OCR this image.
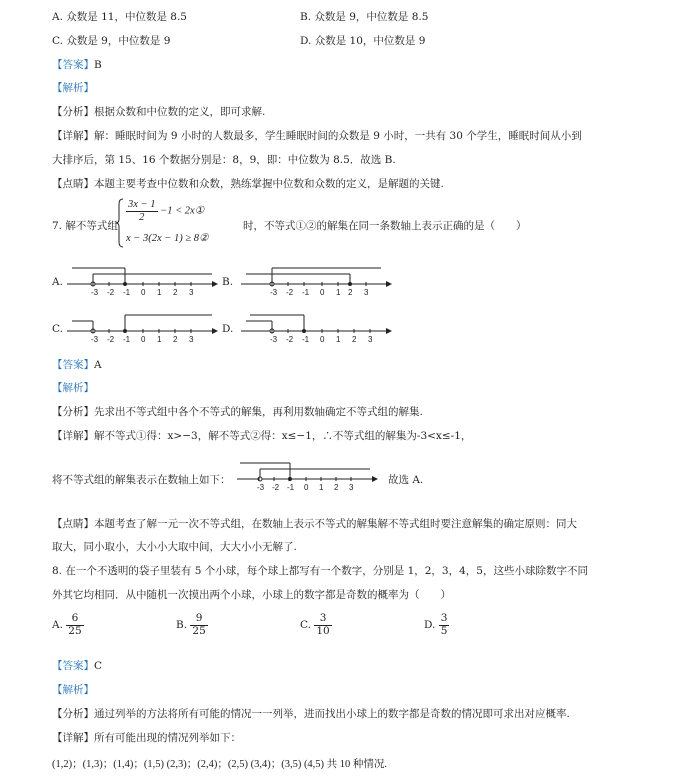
A. 众数是 11，中位数是 8.5	B. 众数是 9，中位数是 8.5
C. 众数是 9，中位数是 9	D. 众数是 10，中位数是 9
【答案】B
【解析】
【分析】根据众数和中位数的定义，即可求解.
【详解】解：睡眠时间为 9 小时的人数最多，学生睡眠时间的众数是 9 小时，一共有 30 个学生，睡眠时间从小到
大排序后，第 15、16 个数据分别是：8，9，即：中位数为 8.5．故选 B.
【点睛】本题主要考查中位数和众数，熟练掌握中位数和众数的定义，是解题的关键.
7. 解不等式组
$\frac{3x - 1}{2} -1$ < 2x①
x − 3(2x − 1) ≥ 8②
时，不等式①②的解集在同一条数轴上表示正确的是（　　）
A.	B.
C.	D.
-3 -2 -1 0 1 2 3	-3 -2 -1 0 1 2 3
-3 -2 -1 0 1 2 3	-3 -2 -1 0 1 2 3
【答案】A
【解析】
【分析】先求出不等式组中各个不等式的解集，再利用数轴确定不等式组的解集.
【详解】解不等式①得：x>−3，解不等式②得：x≤−1，∴不等式组的解集为-3<x≤-1，
将不等式组的解集表示在数轴上如下：
-3 -2 -1 0 1 2 3
故选 A.
【点睛】本题考查了解一元一次不等式组，在数轴上表示不等式的解集解不等式组时要注意解集的确定原则：同大
取大，同小取小，大小小大取中间，大大小小无解了.
8. 在一个不透明的袋子里装有 5 个小球，每个球上都写有一个数字，分别是 1，2，3，4，5，这些小球除数字不同
外其它均相同．从中随机一次摸出两个小球，小球上的数字都是奇数的概率为（　　）
A. $\frac{6}{25}$	B. $\frac{9}{25}$	C. $\frac{3}{10}$	D. $\frac{3}{5}$
【答案】C
【解析】
【分析】通过列举的方法将所有可能的情况一一列举，进而找出小球上的数字都是奇数的情况即可求出对应概率.
【详解】所有可能出现的情况列举如下：
(1,2)；(1,3)；(1,4)；(1,5) (2,3)；(2,4)；(2,5) (3,4)；(3,5) (4,5) 共 10 种情况.
